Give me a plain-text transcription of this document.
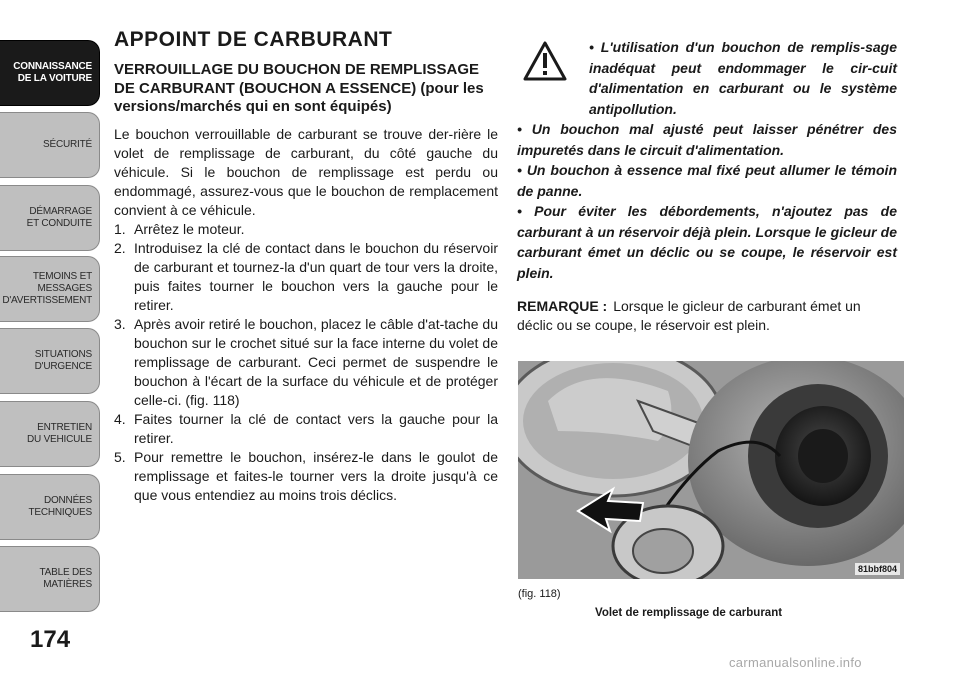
CONNAISSANCE
DE LA VOITURE
SÉCURITÉ
DÉMARRAGE
ET CONDUITE
TEMOINS ET
MESSAGES
D'AVERTISSEMENT
SITUATIONS
D'URGENCE
ENTRETIEN
DU VEHICULE
DONNÉES
TECHNIQUES
TABLE DES
MATIÈRES
174
APPOINT DE CARBURANT
VERROUILLAGE DU BOUCHON DE REMPLISSAGE DE CARBURANT (BOUCHON A ESSENCE) (pour les versions/marchés qui en sont équipés)

Le bouchon verrouillable de carburant se trouve der-rière le volet de remplissage de carburant, du côté gauche du véhicule. Si le bouchon de remplissage est perdu ou endommagé, assurez-vous que le bouchon de remplacement convient à ce véhicule.

1. Arrêtez le moteur.
2. Introduisez la clé de contact dans le bouchon du réservoir de carburant et tournez-la d'un quart de tour vers la droite, puis faites tourner le bouchon vers la gauche pour le retirer.
3. Après avoir retiré le bouchon, placez le câble d'at-tache du bouchon sur le crochet situé sur la face interne du volet de remplissage de carburant. Ceci permet de suspendre le bouchon à l'écart de la surface du véhicule et de protéger celle-ci. (fig. 118)
4. Faites tourner la clé de contact vers la gauche pour la retirer.
5. Pour remettre le bouchon, insérez-le dans le goulot de remplissage et faites-le tourner vers la droite jusqu'à ce que vous entendiez au moins trois déclics.

• L'utilisation d'un bouchon de remplis-sage inadéquat peut endommager le cir-cuit d'alimentation en carburant ou le système antipollution.

• Un bouchon mal ajusté peut laisser pénétrer des impuretés dans le circuit d'alimentation.

• Un bouchon à essence mal fixé peut allumer le témoin de panne.

• Pour éviter les débordements, n'ajoutez pas de carburant à un réservoir déjà plein. Lorsque le gicleur de carburant émet un déclic ou se coupe, le réservoir est plein.

REMARQUE : Lorsque le gicleur de carburant émet un déclic ou se coupe, le réservoir est plein.

81bbf804
(fig. 118)
Volet de remplissage de carburant
carmanualsonline.info
